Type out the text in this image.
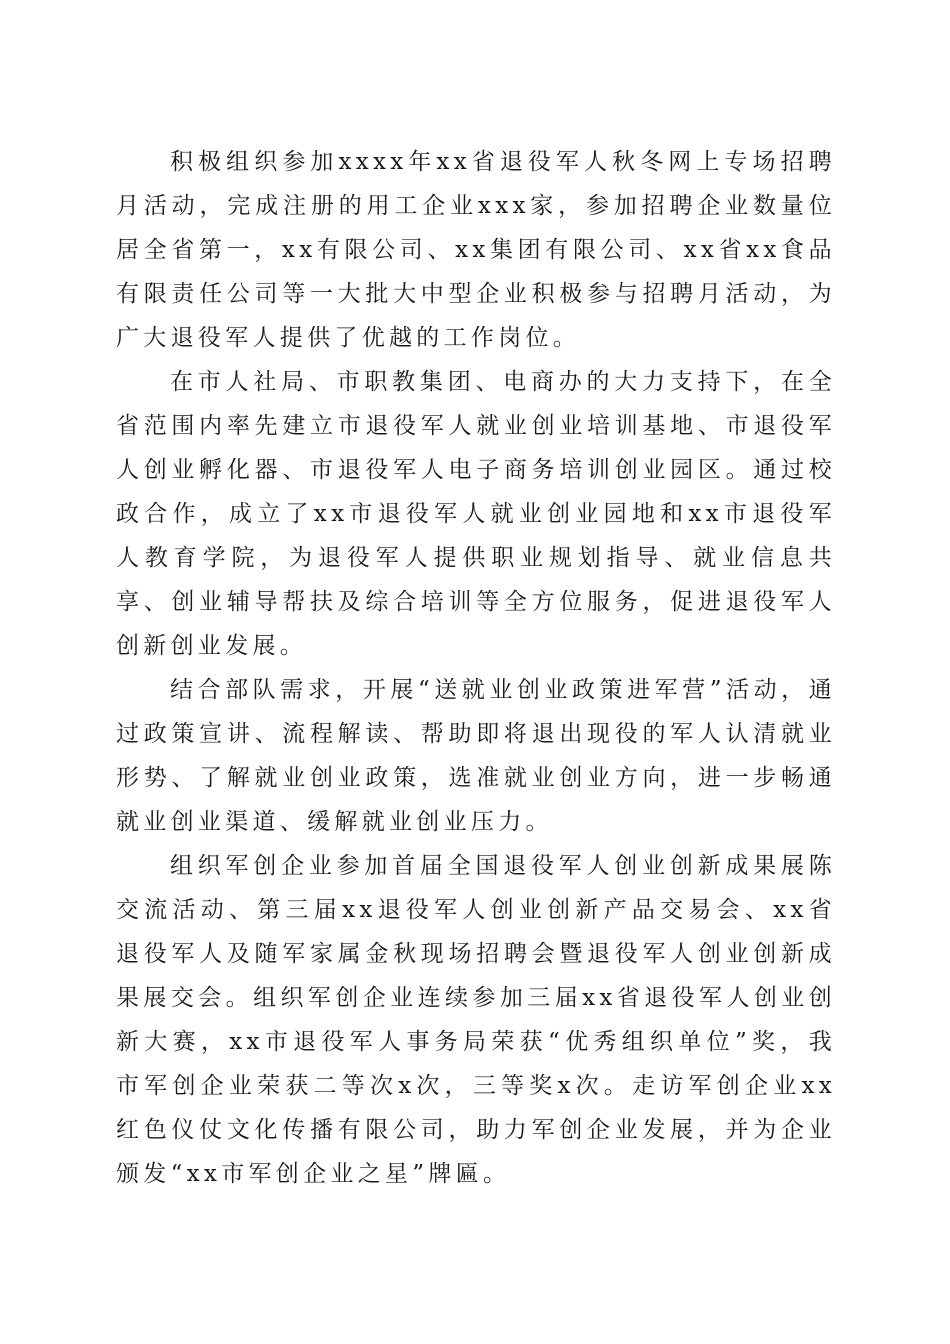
积极组织参加xxxx年xx省退役军人秋冬网上专场招聘月活动，完成注册的用工企业xxx家，参加招聘企业数量位居全省第一，xx有限公司、xx集团有限公司、xx省xx食品有限责任公司等一大批大中型企业积极参与招聘月活动，为广大退役军人提供了优越的工作岗位。

在市人社局、市职教集团、电商办的大力支持下，在全省范围内率先建立市退役军人就业创业培训基地、市退役军人创业孵化器、市退役军人电子商务培训创业园区。通过校政合作，成立了xx市退役军人就业创业园地和xx市退役军人教育学院，为退役军人提供职业规划指导、就业信息共享、创业辅导帮扶及综合培训等全方位服务，促进退役军人创新创业发展。

结合部队需求，开展“送就业创业政策进军营”活动，通过政策宣讲、流程解读、帮助即将退出现役的军人认清就业形势、了解就业创业政策，选准就业创业方向，进一步畅通就业创业渠道、缓解就业创业压力。

组织军创企业参加首届全国退役军人创业创新成果展陈交流活动、第三届xx退役军人创业创新产品交易会、xx省退役军人及随军家属金秋现场招聘会暨退役军人创业创新成果展交会。组织军创企业连续参加三届xx省退役军人创业创新大赛，xx市退役军人事务局荣获“优秀组织单位”奖，我市军创企业荣获二等次x次，三等奖x次。走访军创企业xx红色仪仗文化传播有限公司，助力军创企业发展，并为企业颁发“xx市军创企业之星”牌匾。
